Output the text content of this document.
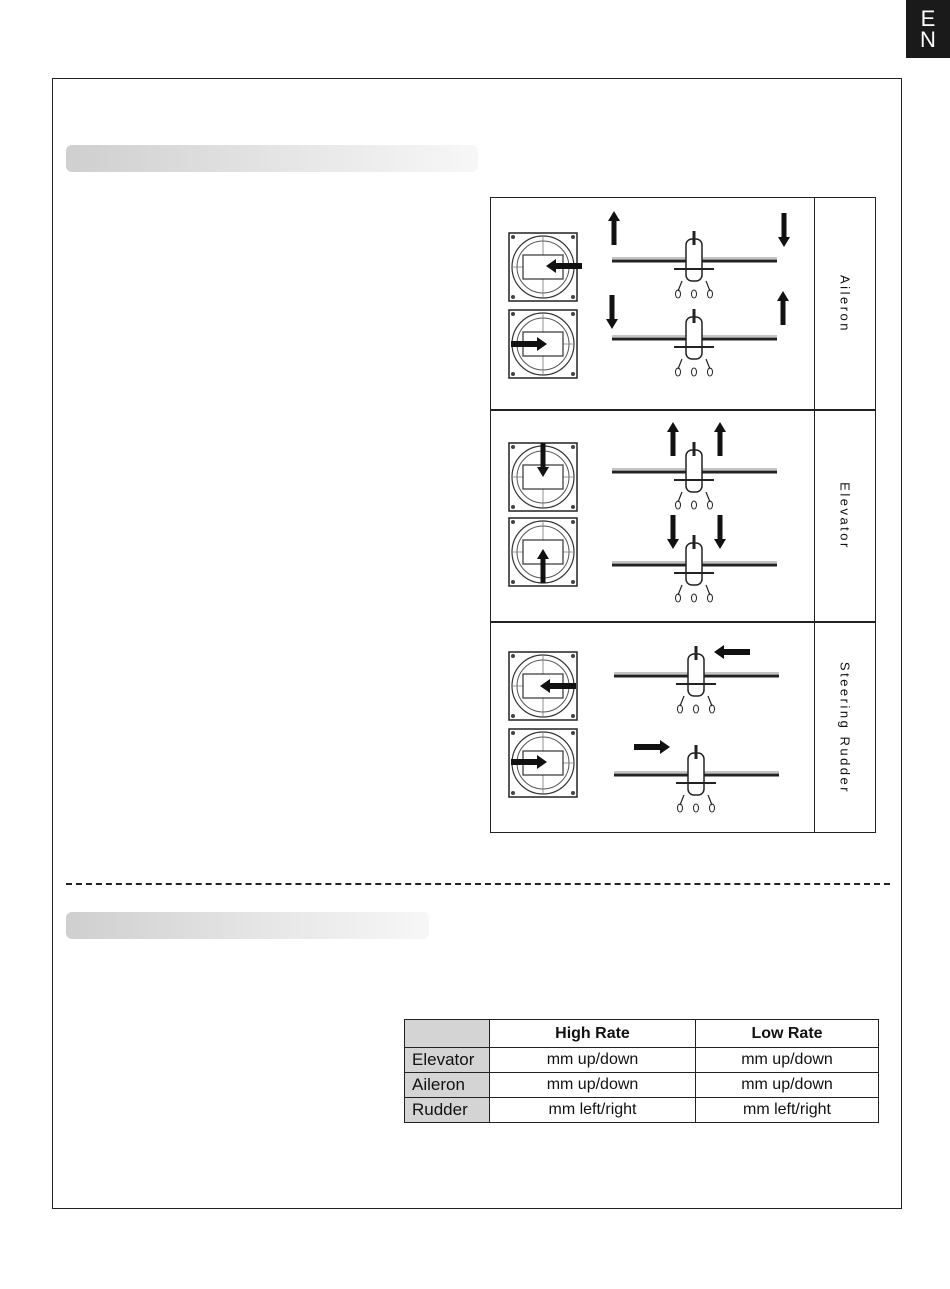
E
N
Aileron
Elevator
Steering Rudder
	High Rate	Low Rate
Elevator	mm up/down	mm up/down
Aileron	mm up/down	mm up/down
Rudder	mm left/right	mm left/right
